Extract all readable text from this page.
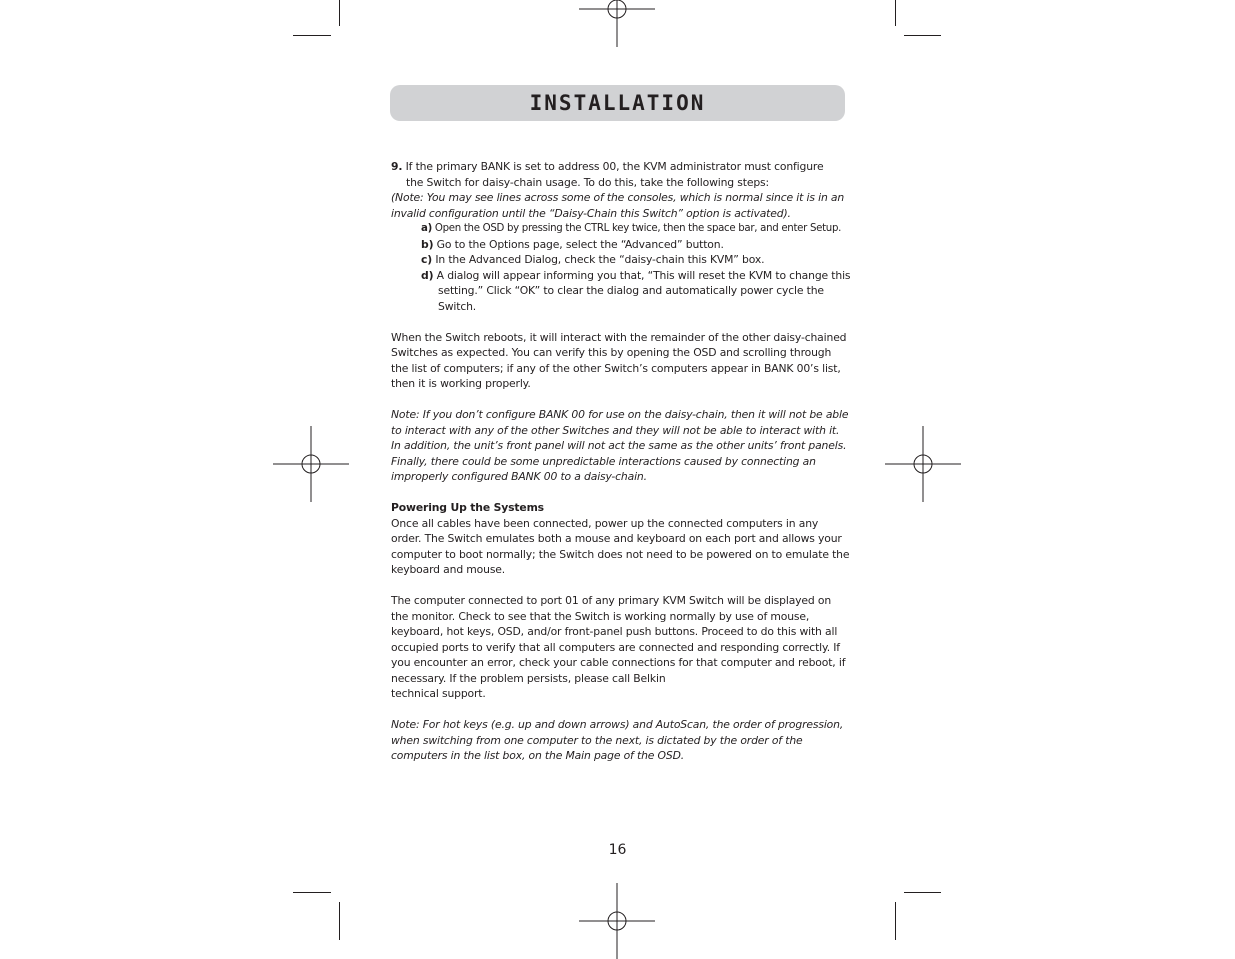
INSTALLATION

9. If the primary BANK is set to address 00, the KVM administrator must configure
the Switch for daisy-chain usage. To do this, take the following steps:

(Note: You may see lines across some of the consoles, which is normal since it is in an invalid configuration until the “Daisy-Chain this Switch” option is activated).

a) Open the OSD by pressing the CTRL key twice, then the space bar, and enter Setup.

b) Go to the Options page, select the “Advanced” button.

c) In the Advanced Dialog, check the “daisy-chain this KVM” box.

d) A dialog will appear informing you that, “This will reset the KVM to change this setting.” Click “OK” to clear the dialog and automatically power cycle the Switch.

When the Switch reboots, it will interact with the remainder of the other daisy-chained Switches as expected. You can verify this by opening the OSD and scrolling through the list of computers; if any of the other Switch’s computers appear in BANK 00’s list, then it is working properly.

Note: If you don’t configure BANK 00 for use on the daisy-chain, then it will not be able to interact with any of the other Switches and they will not be able to interact with it. In addition, the unit’s front panel will not act the same as the other units’ front panels. Finally, there could be some unpredictable interactions caused by connecting an improperly configured BANK 00 to a daisy-chain.

Powering Up the Systems

Once all cables have been connected, power up the connected computers in any order. The Switch emulates both a mouse and keyboard on each port and allows your computer to boot normally; the Switch does not need to be powered on to emulate the keyboard and mouse.

The computer connected to port 01 of any primary KVM Switch will be displayed on the monitor. Check to see that the Switch is working normally by use of mouse, keyboard, hot keys, OSD, and/or front-panel push buttons. Proceed to do this with all occupied ports to verify that all computers are connected and responding correctly. If you encounter an error, check your cable connections for that computer and reboot, if necessary. If the problem persists, please call Belkin
technical support.

Note: For hot keys (e.g. up and down arrows) and AutoScan, the order of progression, when switching from one computer to the next, is dictated by the order of the computers in the list box, on the Main page of the OSD.

16
